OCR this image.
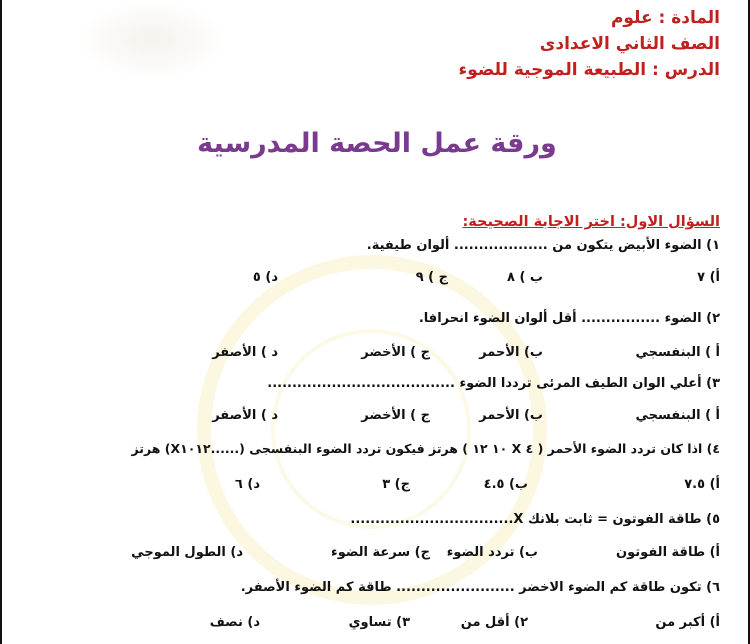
المادة : علوم
الصف الثاني الاعدادى
الدرس : الطبيعة الموجية للضوء
ورقة عمل الحصة المدرسية
السؤال الاول: اختر الاجابة الصحيحة:
١) الضوء الأبيض يتكون من ................... ألوان طيفية.
أ) ٧
ب ) ٨
ج ) ٩
د) ٥
٢) الضوء ................ أقل ألوان الضوء انحرافا.
أ ) البنفسجي
ب) الأحمر
ج ) الأخضر
د ) الأصفر
٣) أعلي الوان الطيف المرئى ترددا الضوء ......................................
أ ) البنفسجي
ب) الأحمر
ج ) الأخضر
د ) الأصفر
٤) اذا كان تردد الضوء الأحمر ( ٤ X ١٠ ١٢ ) هرتز فيكون تردد الضوء البنفسجى (......X١٠١٢) هرتز
أ) ٧.٥
ب) ٤.٥
ج) ٣
د) ٦
٥) طاقة الفوتون = ثابت بلانك X.................................
أ) طاقة الفوتون
ب) تردد الضوء
ج) سرعة الضوء
د) الطول الموجي
٦) تكون طاقة كم الضوء الاخضر ........................ طاقة كم الضوء الأصفر.
أ) أكبر من
٢) أقل من
٣) تساوي
د) نصف
